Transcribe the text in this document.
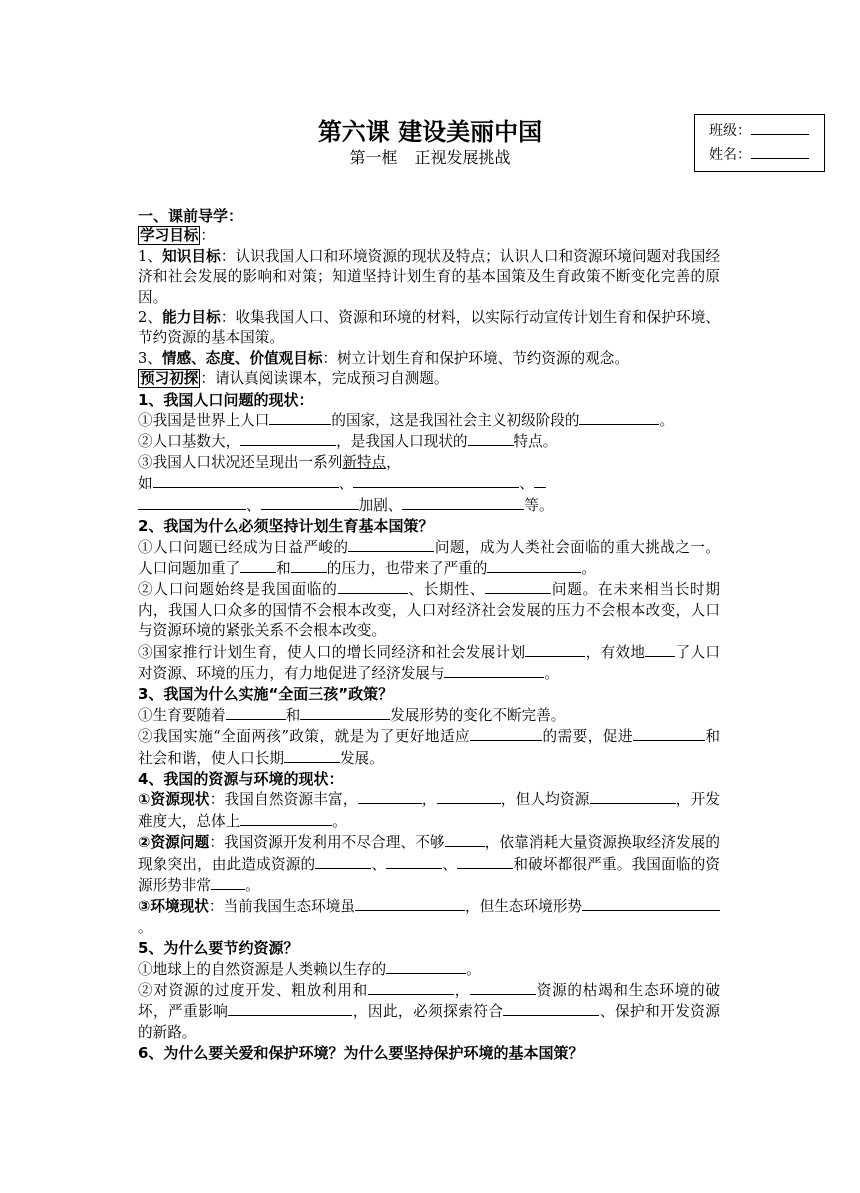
第六课 建设美丽中国
第一框 正视发展挑战
班级：
姓名：

一、课前导学：

学习目标 ：

1、知识目标：认识我国人口和环境资源的现状及特点；认识人口和资源环境问题对我国经济和社会发展的影响和对策；知道坚持计划生育的基本国策及生育政策不断变化完善的原因。

2、能力目标：收集我国人口、资源和环境的材料，以实际行动宣传计划生育和保护环境、节约资源的基本国策。

3、情感、态度、价值观目标：树立计划生育和保护环境、节约资源的观念。

预习初探 ：请认真阅读课本，完成预习自测题。

1、我国人口问题的现状：

①我国是世界上人口	的国家，这是我国社会主义初级阶段的	。

②人口基数大，	，是我国人口现状的	特点。

③我国人口状况还呈现出一系列新特点，

如	、	、

、	加剧、	等。

2、我国为什么必须坚持计划生育基本国策？

①人口问题已经成为日益严峻的	问题，成为人类社会面临的重大挑战之一。人口问题加重了 和 的压力，也带来了严重的	。

②人口问题始终是我国面临的	、长期性、	问题。在未来相当长时期内，我国人口众多的国情不会根本改变，人口对经济社会发展的压力不会根本改变，人口与资源环境的紧张关系不会根本改变。

③国家推行计划生育，使人口的增长同经济和社会发展计划	，有效地 了人口对资源、环境的压力，有力地促进了经济发展与	。

3、我国为什么实施“全面三孩”政策？

①生育要随着	和	发展形势的变化不断完善。

②我国实施“全面两孩”政策，就是为了更好地适应	的需要，促进	和社会和谐，使人口长期	发展。

4、我国的资源与环境的现状：

①资源现状：我国自然资源丰富，	，	，但人均资源	，开发难度大，总体上	。

②资源问题：我国资源开发利用不尽合理、不够	，依靠消耗大量资源换取经济发展的现象突出，由此造成资源的	、	、	和破坏都很严重。我国面临的资源形势非常 。

③环境现状：当前我国生态环境虽	，但生态环境形势。

5、为什么要节约资源？

①地球上的自然资源是人类赖以生存的	。

②对资源的过度开发、粗放利用和	，	资源的枯竭和生态环境的破坏，严重影响	，因此，必须探索符合	、保护和开发资源的新路。

6、为什么要关爱和保护环境？为什么要坚持保护环境的基本国策？
